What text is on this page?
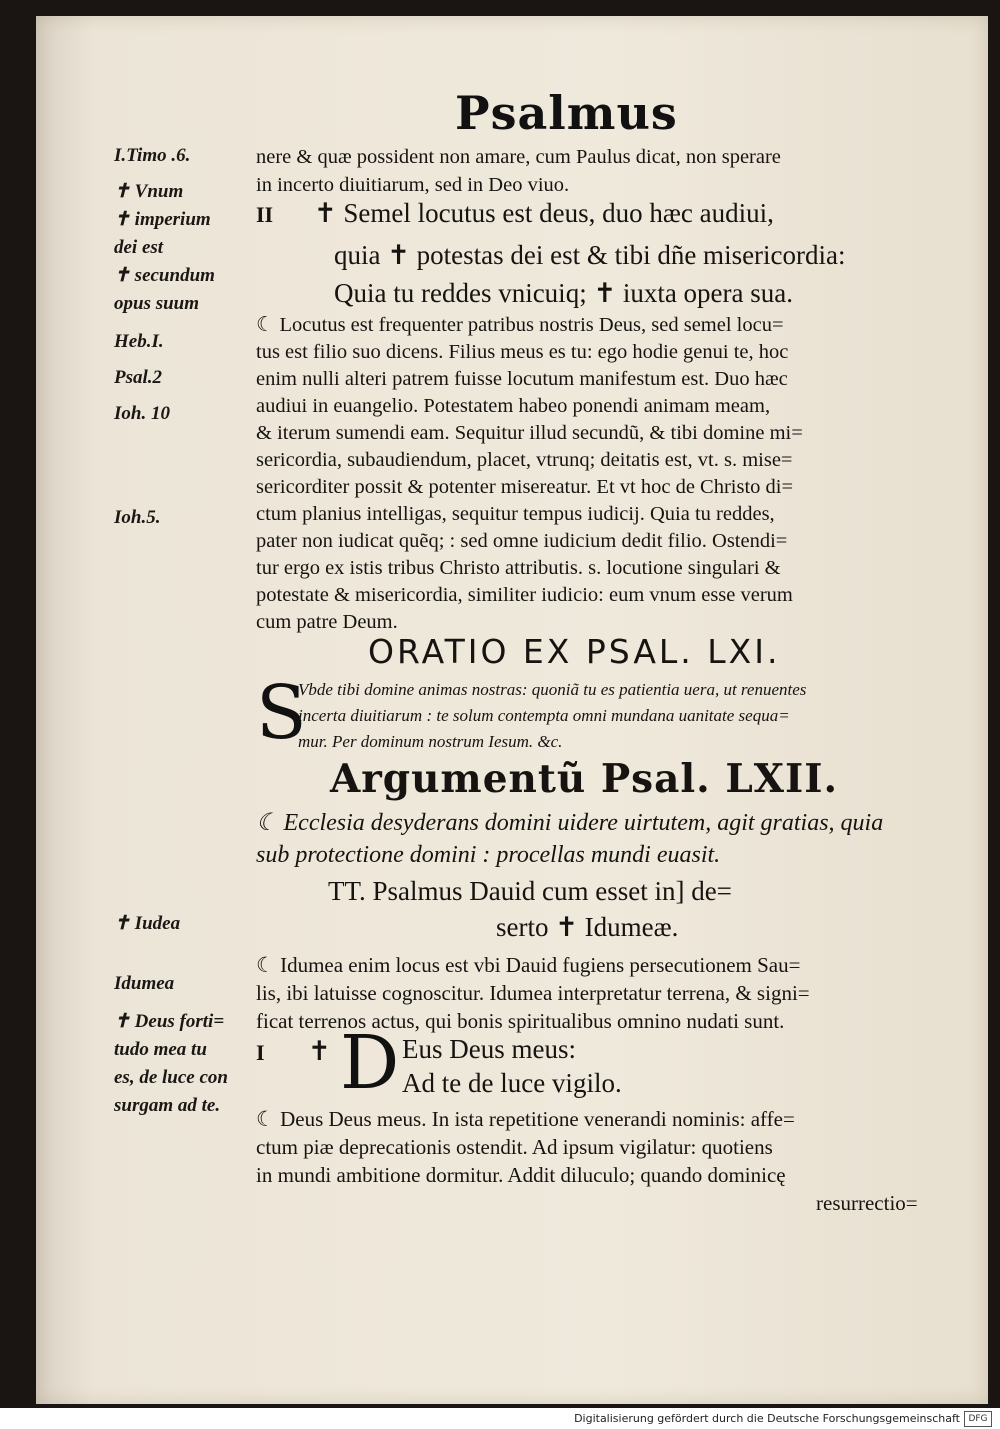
Psalmus

I.Timo .6.

✝ Vnum

✝ imperium

dei est

✝ secundum

opus suum

Heb.I.

Psal.2

Ioh. 10

Ioh.5.

✝ Iudea

Idumea

✝ Deus forti=

tudo mea tu

es, de luce con

surgam ad te.

nere & quæ possident non amare, cum Paulus dicat, non sperare

in incerto diuitiarum, sed in Deo viuo.

II ✝ Semel locutus est deus, duo hæc audiui,

quia ✝ potestas dei est & tibi dñe misericordia:

Quia tu reddes vnicuiq; ✝ iuxta opera sua.

☾ Locutus est frequenter patribus nostris Deus, sed semel locu=

tus est filio suo dicens. Filius meus es tu: ego hodie genui te, hoc

enim nulli alteri patrem fuisse locutum manifestum est. Duo hæc

audiui in euangelio. Potestatem habeo ponendi animam meam,

& iterum sumendi eam. Sequitur illud secundũ, & tibi domine mi=

sericordia, subaudiendum, placet, vtrunq; deitatis est, vt. s. mise=

sericorditer possit & potenter misereatur. Et vt hoc de Christo di=

ctum planius intelligas, sequitur tempus iudicij. Quia tu reddes,

pater non iudicat quẽq; : sed omne iudicium dedit filio. Ostendi=

tur ergo ex istis tribus Christo attributis. s. locutione singulari &

potestate & misericordia, similiter iudicio: eum vnum esse verum

cum patre Deum.

ORATIO EX PSAL. LXI.
S

Vbde tibi domine animas nostras: quoniã tu es patientia uera, ut renuentes

incerta diuitiarum : te solum contempta omni mundana uanitate sequa=

mur. Per dominum nostrum Iesum. &c.

Argumentũ Psal. LXII.

☾ Ecclesia desyderans domini uidere uirtutem, agit gratias, quia

sub protectione domini : procellas mundi euasit.

TT. Psalmus Dauid cum esset in] de=

serto ✝ Idumeæ.

☾ Idumea enim locus est vbi Dauid fugiens persecutionem Sau=

lis, ibi latuisse cognoscitur. Idumea interpretatur terrena, & signi=

ficat terrenos actus, qui bonis spiritualibus omnino nudati sunt.

I ✝ D Eus Deus meus:

Ad te de luce vigilo.

☾ Deus Deus meus. In ista repetitione venerandi nominis: affe=

ctum piæ deprecationis ostendit. Ad ipsum vigilatur: quotiens

in mundi ambitione dormitur. Addit diluculo; quando dominicę

resurrectio=

Digitalisierung gefördert durch die Deutsche Forschungsgemeinschaft DFG
